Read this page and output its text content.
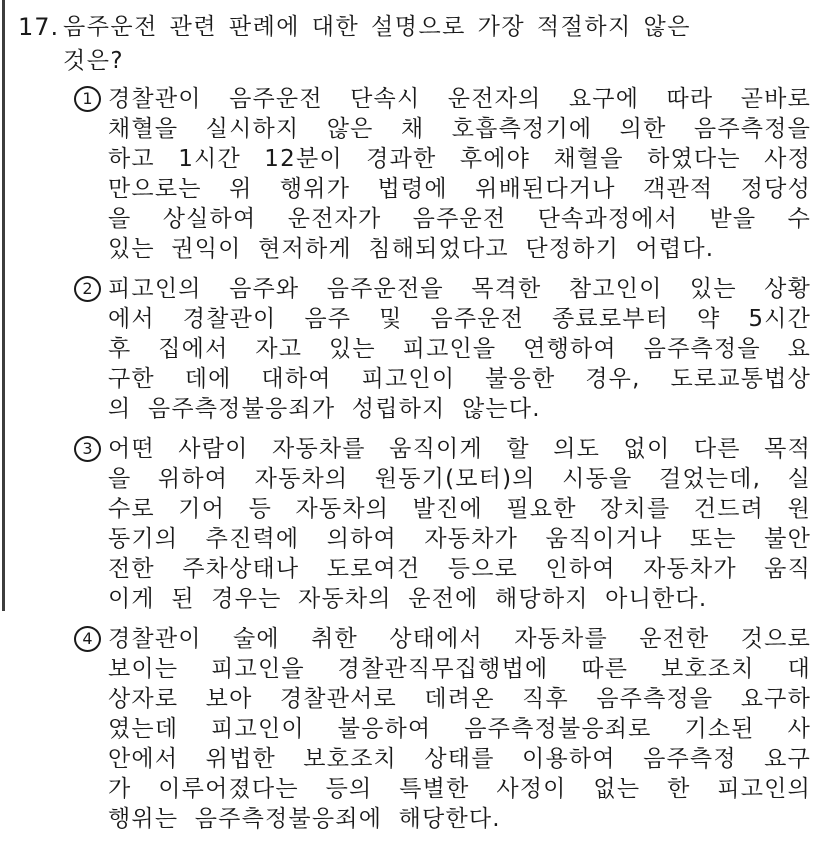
17. 음주운전 관련 판례에 대한 설명으로 가장 적절하지 않은
것은?
1 경찰관이 음주운전 단속시 운전자의 요구에 따라 곧바로
채혈을 실시하지 않은 채 호흡측정기에 의한 음주측정을
하고 1시간 12분이 경과한 후에야 채혈을 하였다는 사정
만으로는 위 행위가 법령에 위배된다거나 객관적 정당성
을 상실하여 운전자가 음주운전 단속과정에서 받을 수
있는 권익이 현저하게 침해되었다고 단정하기 어렵다.
2 피고인의 음주와 음주운전을 목격한 참고인이 있는 상황
에서 경찰관이 음주 및 음주운전 종료로부터 약 5시간
후 집에서 자고 있는 피고인을 연행하여 음주측정을 요
구한 데에 대하여 피고인이 불응한 경우, 도로교통법상
의 음주측정불응죄가 성립하지 않는다.
3 어떤 사람이 자동차를 움직이게 할 의도 없이 다른 목적
을 위하여 자동차의 원동기(모터)의 시동을 걸었는데, 실
수로 기어 등 자동차의 발진에 필요한 장치를 건드려 원
동기의 추진력에 의하여 자동차가 움직이거나 또는 불안
전한 주차상태나 도로여건 등으로 인하여 자동차가 움직
이게 된 경우는 자동차의 운전에 해당하지 아니한다.
4 경찰관이 술에 취한 상태에서 자동차를 운전한 것으로
보이는 피고인을 경찰관직무집행법에 따른 보호조치 대
상자로 보아 경찰관서로 데려온 직후 음주측정을 요구하
였는데 피고인이 불응하여 음주측정불응죄로 기소된 사
안에서 위법한 보호조치 상태를 이용하여 음주측정 요구
가 이루어졌다는 등의 특별한 사정이 없는 한 피고인의
행위는 음주측정불응죄에 해당한다.
